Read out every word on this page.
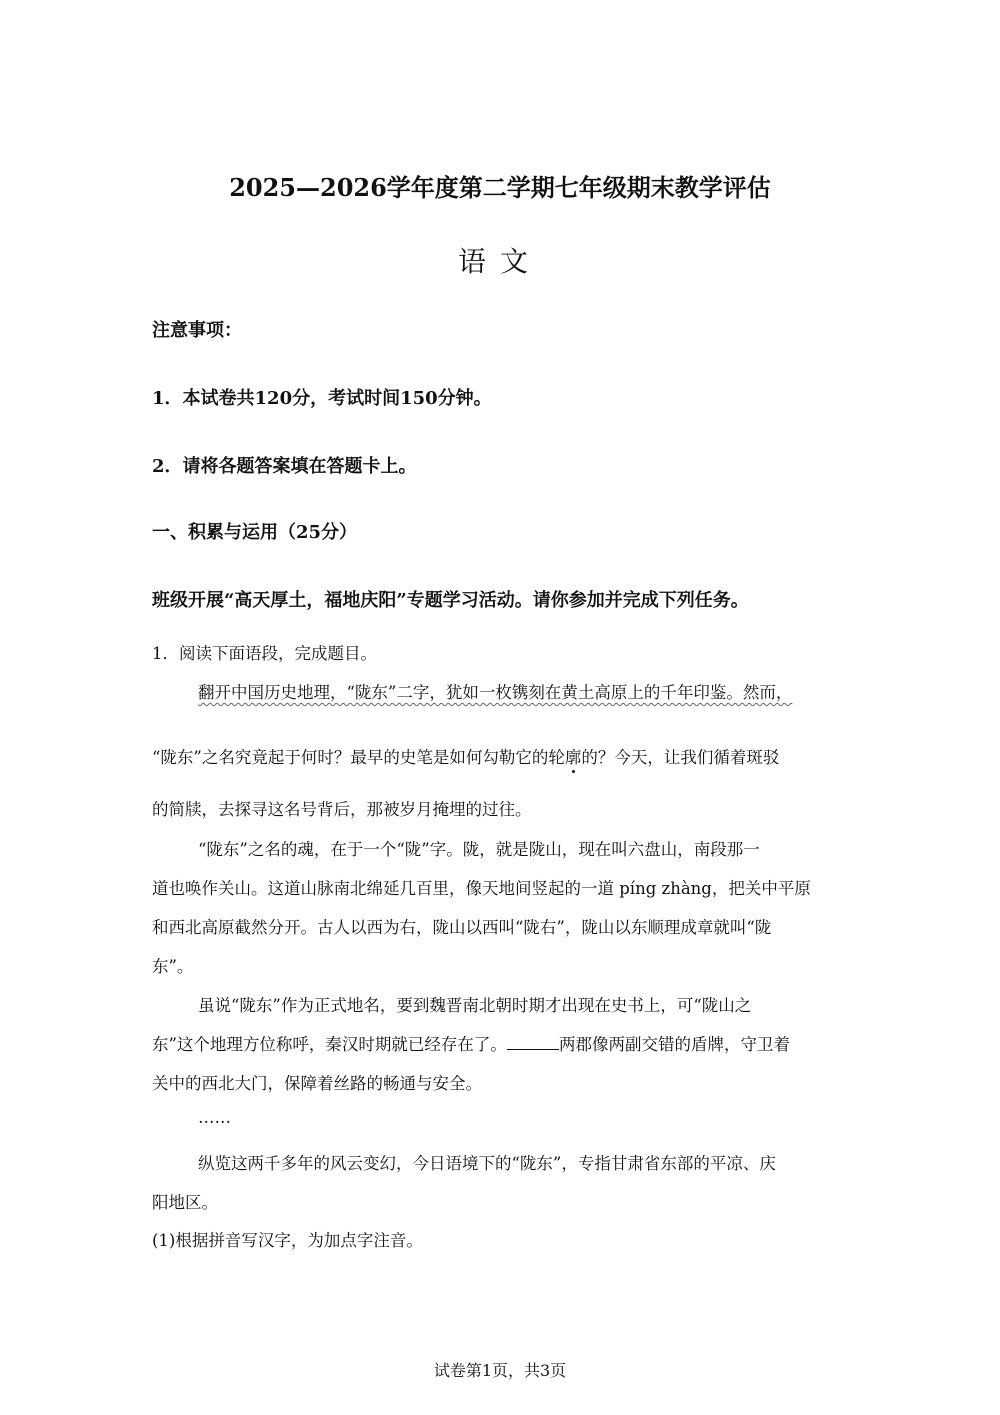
2025—2026学年度第二学期七年级期末教学评估
语文
注意事项：
1．本试卷共120分，考试时间150分钟。
2．请将各题答案填在答题卡上。
一、积累与运用（25分）
班级开展“高天厚土，福地庆阳”专题学习活动。请你参加并完成下列任务。
1．阅读下面语段，完成题目。
翻开中国历史地理，“陇东”二字，犹如一枚镌刻在黄土高原上的千年印鉴。然而，
“陇东”之名究竟起于何时？最早的史笔是如何勾勒它的轮廓的？今天，让我们循着斑驳
的简牍，去探寻这名号背后，那被岁月掩埋的过往。
“陇东”之名的魂，在于一个“陇”字。陇，就是陇山，现在叫六盘山，南段那一
道也唤作关山。这道山脉南北绵延几百里，像天地间竖起的一道 píng zhàng，把关中平原
和西北高原截然分开。古人以西为右，陇山以西叫“陇右”，陇山以东顺理成章就叫“陇
东”。
虽说“陇东”作为正式地名，要到魏晋南北朝时期才出现在史书上，可“陇山之
东”这个地理方位称呼，秦汉时期就已经存在了。	两郡像两副交错的盾牌，守卫着
关中的西北大门，保障着丝路的畅通与安全。
……
纵览这两千多年的风云变幻，今日语境下的“陇东”，专指甘肃省东部的平凉、庆
阳地区。
(1)根据拼音写汉字，为加点字注音。
试卷第1页，共3页
